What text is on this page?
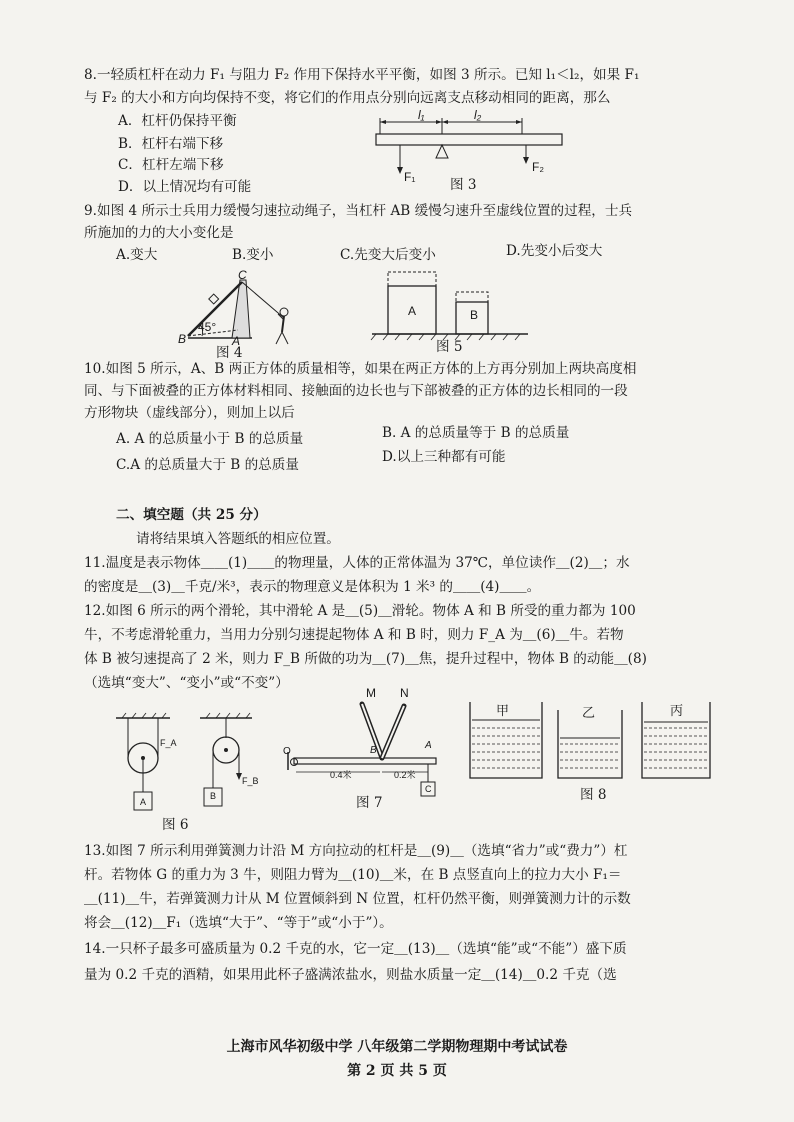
8.一轻质杠杆在动力 F₁ 与阻力 F₂ 作用下保持水平平衡，如图 3 所示。已知 l₁＜l₂，如果 F₁
与 F₂ 的大小和方向均保持不变，将它们的作用点分别向远离支点移动相同的距离，那么
A．杠杆仍保持平衡
B．杠杆右端下移
C．杠杆左端下移
D．以上情况均有可能
l₁	l₂
F₁
F₂
图 3
9.如图 4 所示士兵用力缓慢匀速拉动绳子，当杠杆 AB 缓慢匀速升至虚线位置的过程，士兵
所施加的力的大小变化是
A.变大	B.变小	C.先变大后变小	D.先变小后变大
C
B	A
45°
图 4
A	B
图 5
10.如图 5 所示，A、B 两正方体的质量相等，如果在两正方体的上方再分别加上两块高度相
同、与下面被叠的正方体材料相同、接触面的边长也与下部被叠的正方体的边长相同的一段
方形物块（虚线部分），则加上以后
A. A 的总质量小于 B 的总质量	B. A 的总质量等于 B 的总质量
C.A 的总质量大于 B 的总质量	D.以上三种都有可能
二、填空题（共 25 分）
请将结果填入答题纸的相应位置。
11.温度是表示物体＿＿(1)＿＿的物理量，人体的正常体温为 37℃，单位读作＿(2)＿；水
的密度是＿(3)＿千克/米³，表示的物理意义是体积为 1 米³ 的＿＿(4)＿＿。
12.如图 6 所示的两个滑轮，其中滑轮 A 是＿(5)＿滑轮。物体 A 和 B 所受的重力都为 100
牛，不考虑滑轮重力，当用力分别匀速提起物体 A 和 B 时，则力 F_A 为＿(6)＿牛。若物
体 B 被匀速提高了 2 米，则力 F_B 所做的功为＿(7)＿焦，提升过程中，物体 B 的动能＿(8)
（选填“变大”、“变小”或“不变”）
F_A
F_B
A
B
图 6
M N
O	B	A
0.4米	0.2米
C
图 7
甲	乙	丙
图 8
13.如图 7 所示利用弹簧测力计沿 M 方向拉动的杠杆是＿(9)＿（选填“省力”或“费力”）杠
杆。若物体 G 的重力为 3 牛，则阻力臂为＿(10)＿米，在 B 点竖直向上的拉力大小 F₁＝
＿(11)＿牛，若弹簧测力计从 M 位置倾斜到 N 位置，杠杆仍然平衡，则弹簧测力计的示数
将会＿(12)＿F₁（选填“大于”、“等于”或“小于”）。
14.一只杯子最多可盛质量为 0.2 千克的水，它一定＿(13)＿（选填“能”或“不能”）盛下质
量为 0.2 千克的酒精，如果用此杯子盛满浓盐水，则盐水质量一定＿(14)＿0.2 千克（选
上海市风华初级中学 八年级第二学期物理期中考试试卷
第 2 页 共 5 页
